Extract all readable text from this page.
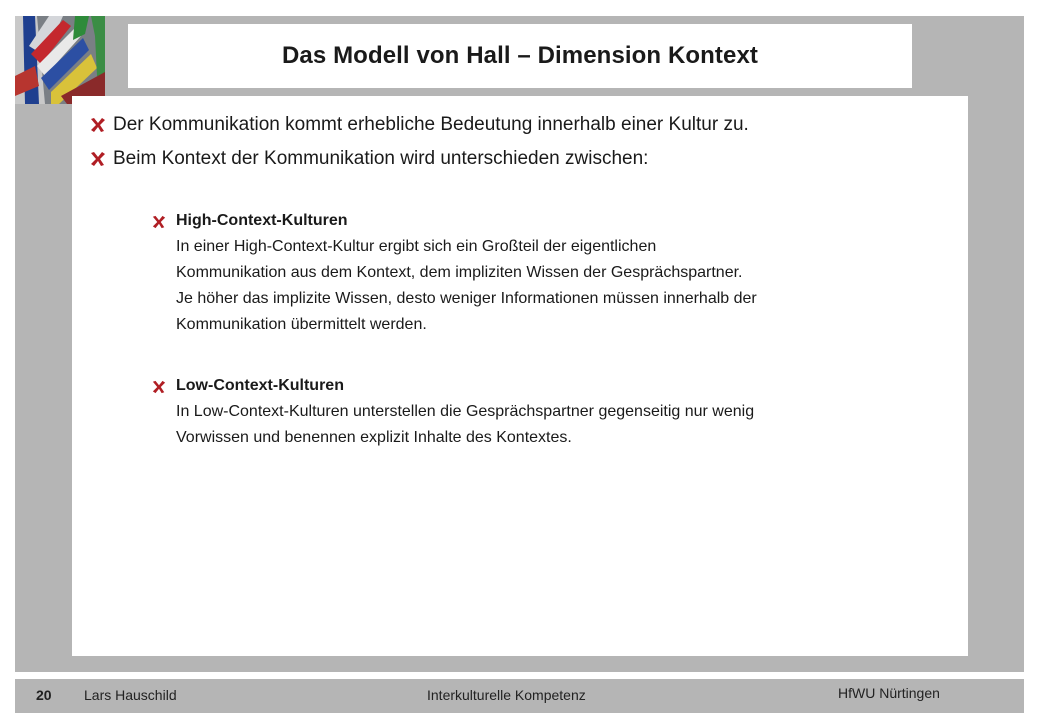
Das Modell von Hall – Dimension Kontext
Der Kommunikation kommt erhebliche Bedeutung innerhalb einer Kultur zu.
Beim Kontext der Kommunikation wird unterschieden zwischen:
High-Context-Kulturen
In einer High-Context-Kultur ergibt sich ein Großteil der eigentlichen
Kommunikation aus dem Kontext, dem impliziten Wissen der Gesprächspartner.
Je höher das implizite Wissen, desto weniger Informationen müssen innerhalb der
Kommunikation übermittelt werden.
Low-Context-Kulturen
In Low-Context-Kulturen unterstellen die Gesprächspartner gegenseitig nur wenig
Vorwissen und benennen explizit Inhalte des Kontextes.
20 Lars Hauschild	Interkulturelle Kompetenz	HfWU Nürtingen
